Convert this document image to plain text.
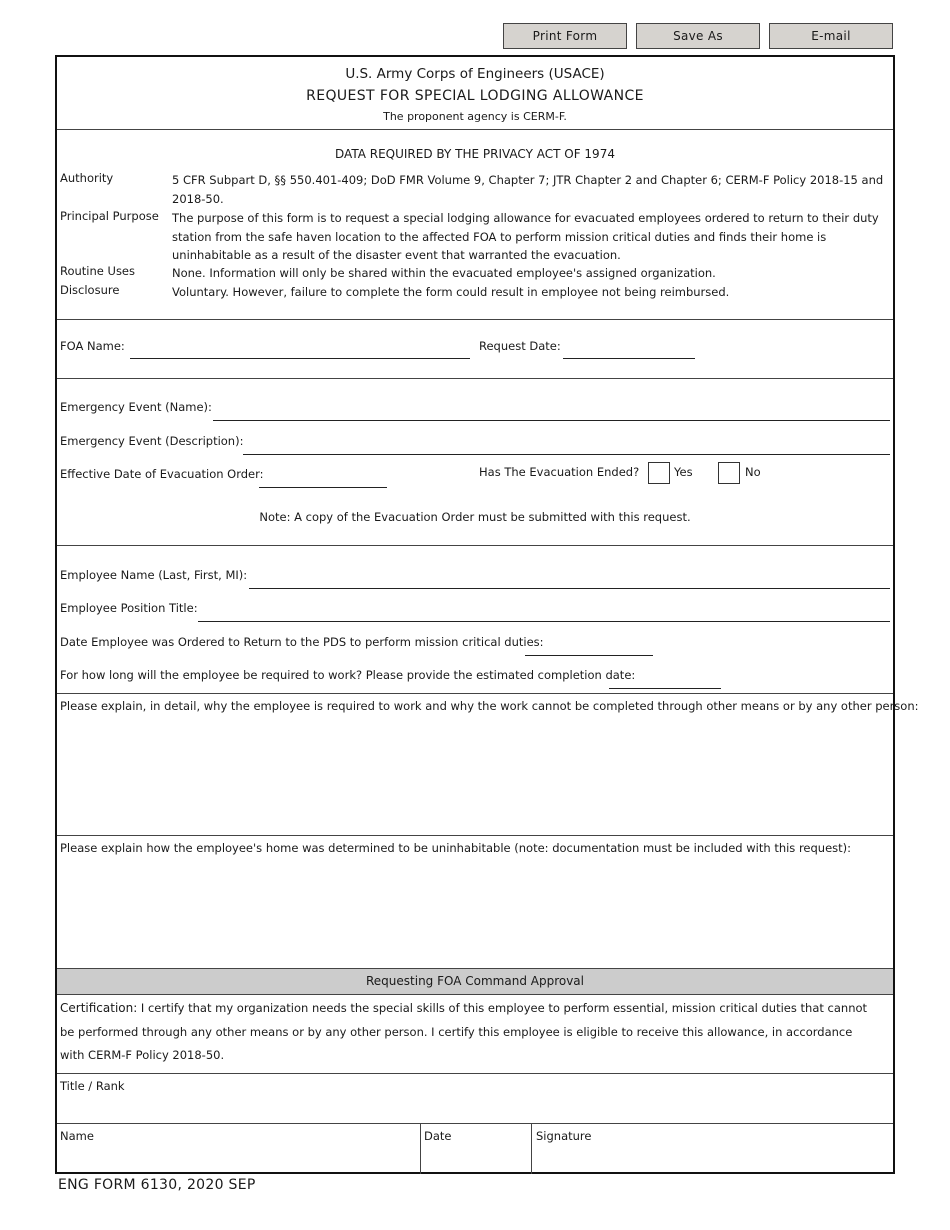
Print Form	Save As	E-mail
U.S. Army Corps of Engineers (USACE)
REQUEST FOR SPECIAL LODGING ALLOWANCE
The proponent agency is CERM-F.
DATA REQUIRED BY THE PRIVACY ACT OF 1974
Authority	5 CFR Subpart D, §§ 550.401-409; DoD FMR Volume 9, Chapter 7; JTR Chapter 2 and Chapter 6; CERM-F Policy 2018-15 and 2018-50.
Principal Purpose	The purpose of this form is to request a special lodging allowance for evacuated employees ordered to return to their duty station from the safe haven location to the affected FOA to perform mission critical duties and finds their home is uninhabitable as a result of the disaster event that warranted the evacuation.
Routine Uses	None. Information will only be shared within the evacuated employee's assigned organization.
Disclosure	Voluntary. However, failure to complete the form could result in employee not being reimbursed.
FOA Name:	Request Date:
Emergency Event (Name):
Emergency Event (Description):
Effective Date of Evacuation Order:	Has The Evacuation Ended?	Yes	No
Note: A copy of the Evacuation Order must be submitted with this request.
Employee Name (Last, First, MI):
Employee Position Title:
Date Employee was Ordered to Return to the PDS to perform mission critical duties:
For how long will the employee be required to work? Please provide the estimated completion date:
Please explain, in detail, why the employee is required to work and why the work cannot be completed through other means or by any other person:
Please explain how the employee's home was determined to be uninhabitable (note: documentation must be included with this request):
Requesting FOA Command Approval
Certification: I certify that my organization needs the special skills of this employee to perform essential, mission critical duties that cannot be performed through any other means or by any other person. I certify this employee is eligible to receive this allowance, in accordance with CERM-F Policy 2018-50.
Title / Rank
Name	Date	Signature
ENG FORM 6130, 2020 SEP
